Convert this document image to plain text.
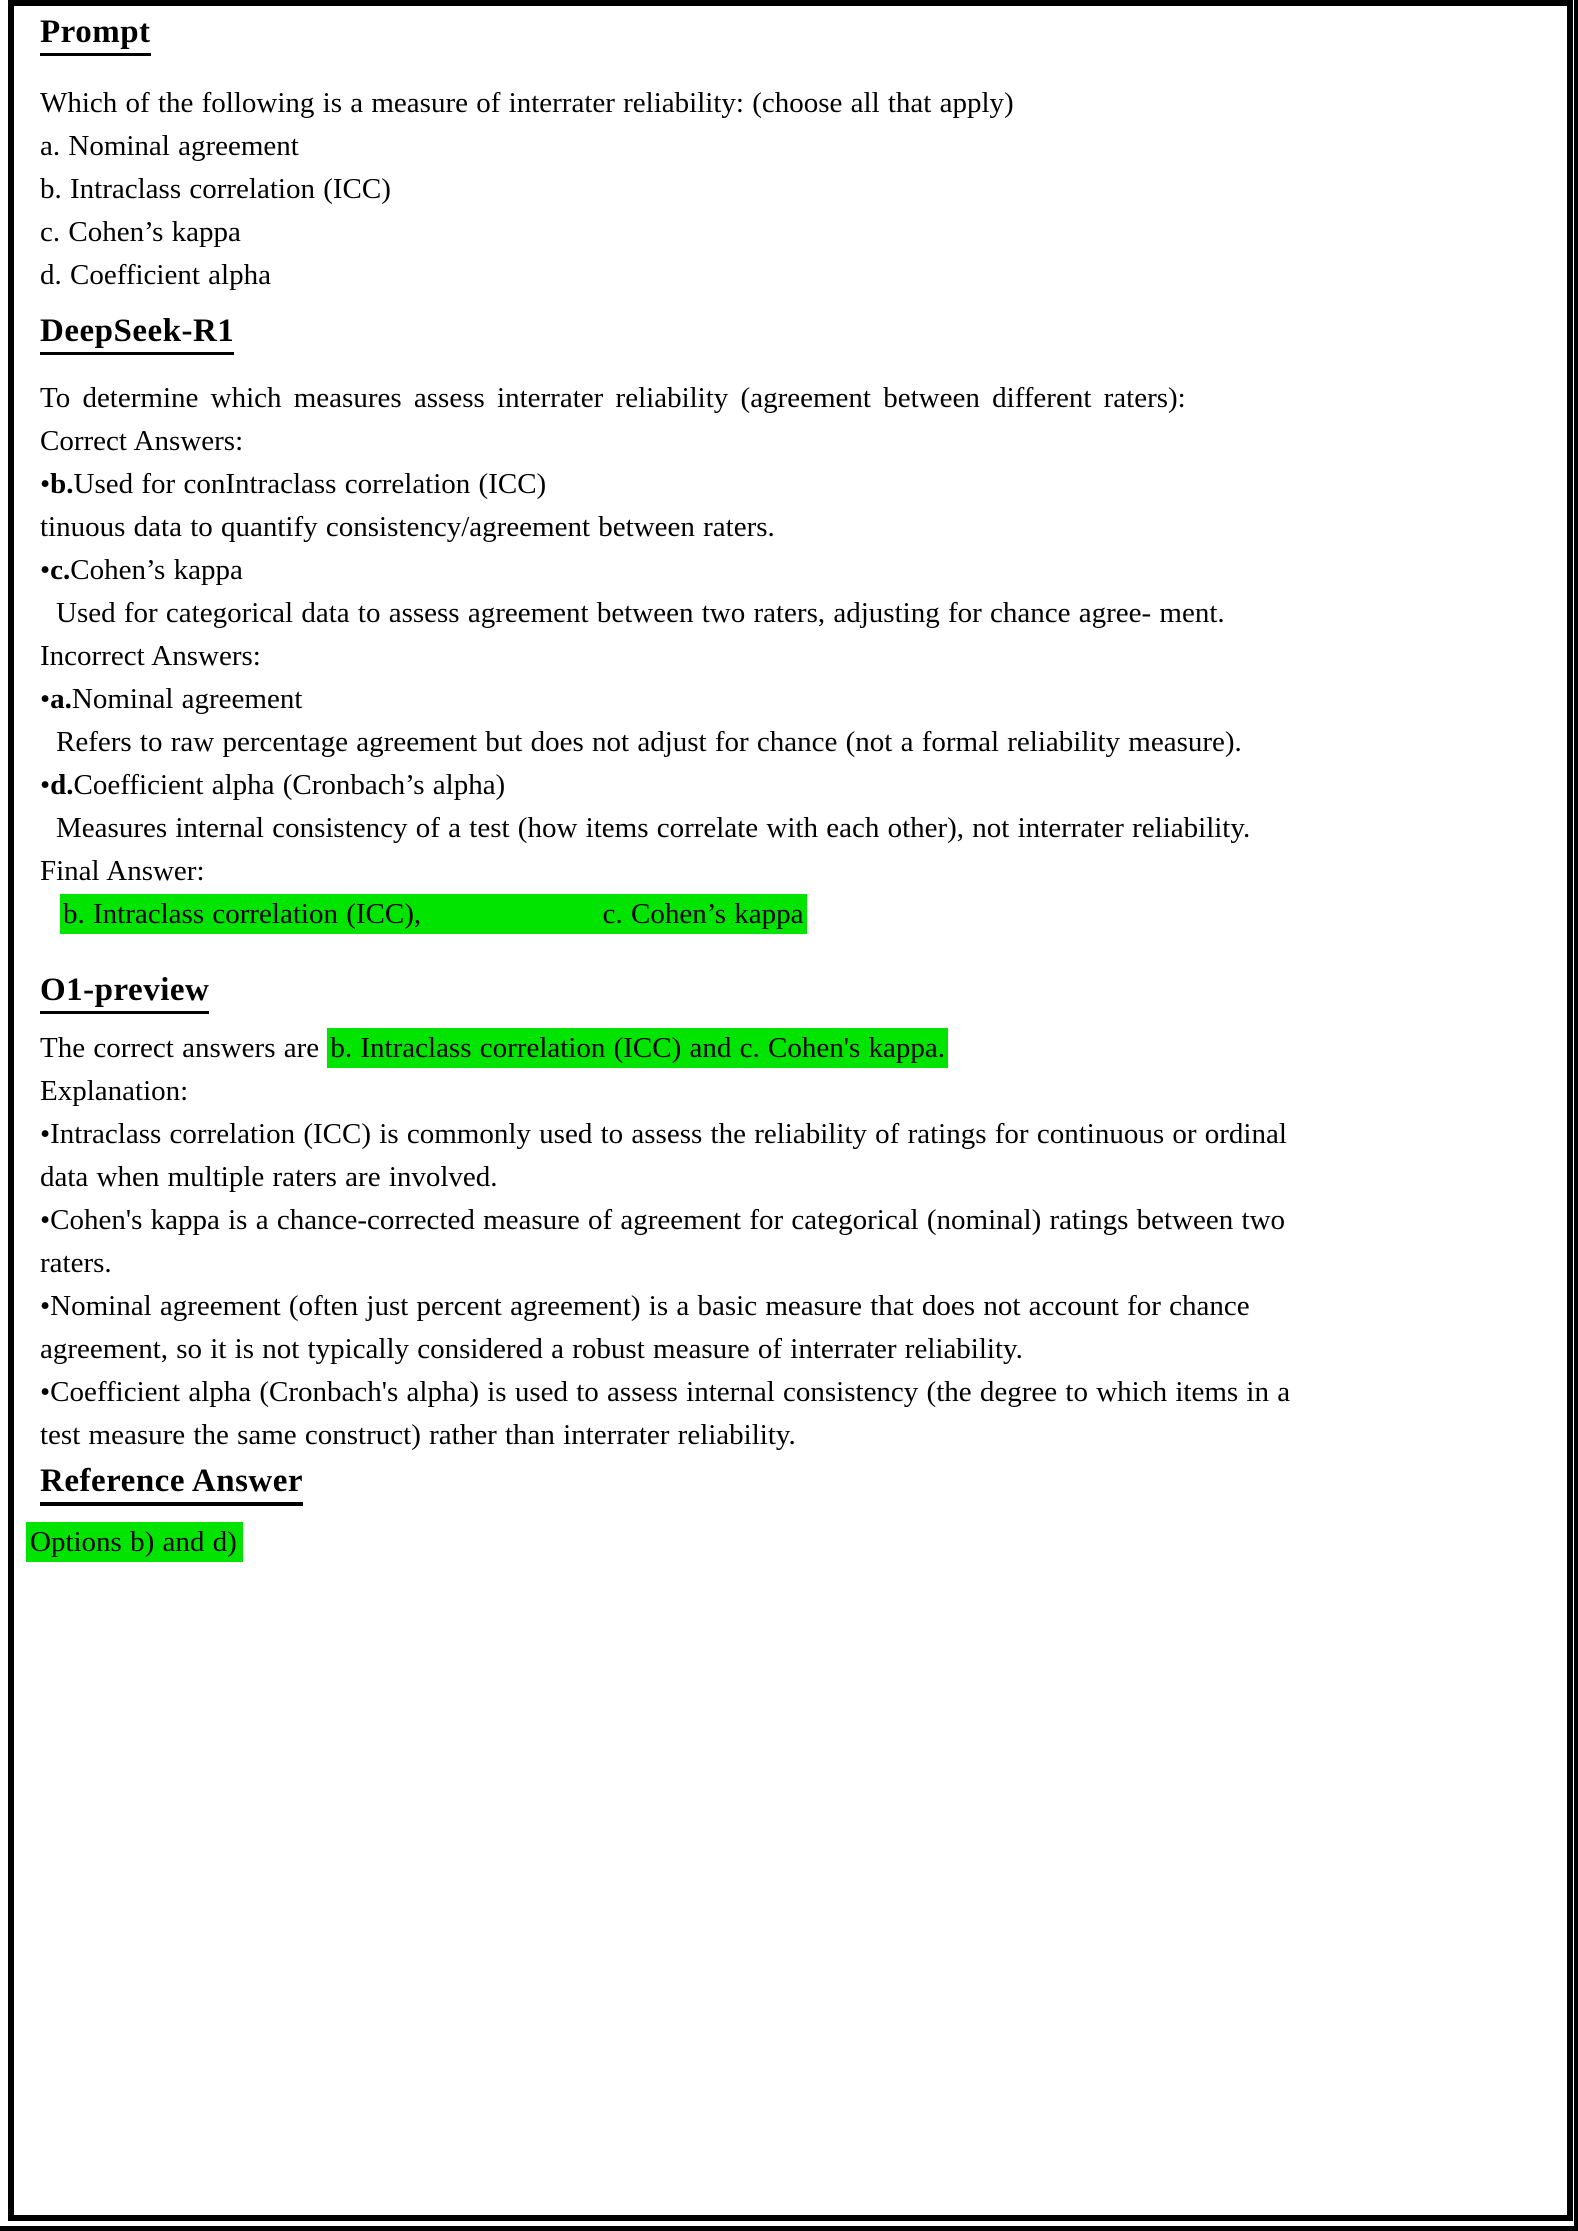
Prompt
Which of the following is a measure of interrater reliability: (choose all that apply)
a. Nominal agreement
b. Intraclass correlation (ICC)
c. Cohen’s kappa
d. Coefficient alpha
DeepSeek-R1
To determine which measures assess interrater reliability (agreement between different raters):
Correct Answers:
•b.Used for conIntraclass correlation (ICC)
tinuous data to quantify consistency/agreement between raters.
•c.Cohen’s kappa
Used for categorical data to assess agreement between two raters, adjusting for chance agree- ment.
Incorrect Answers:
•a.Nominal agreement
Refers to raw percentage agreement but does not adjust for chance (not a formal reliability measure).
•d.Coefficient alpha (Cronbach’s alpha)
Measures internal consistency of a test (how items correlate with each other), not interrater reliability.
Final Answer:
b. Intraclass correlation (ICC),                      c. Cohen’s kappa
O1-preview
The correct answers are b. Intraclass correlation (ICC) and c. Cohen's kappa.
Explanation:
•Intraclass correlation (ICC) is commonly used to assess the reliability of ratings for continuous or ordinal
data when multiple raters are involved.
•Cohen's kappa is a chance-corrected measure of agreement for categorical (nominal) ratings between two
raters.
•Nominal agreement (often just percent agreement) is a basic measure that does not account for chance
agreement, so it is not typically considered a robust measure of interrater reliability.
•Coefficient alpha (Cronbach's alpha) is used to assess internal consistency (the degree to which items in a
test measure the same construct) rather than interrater reliability.
Reference Answer
Options b) and d)
